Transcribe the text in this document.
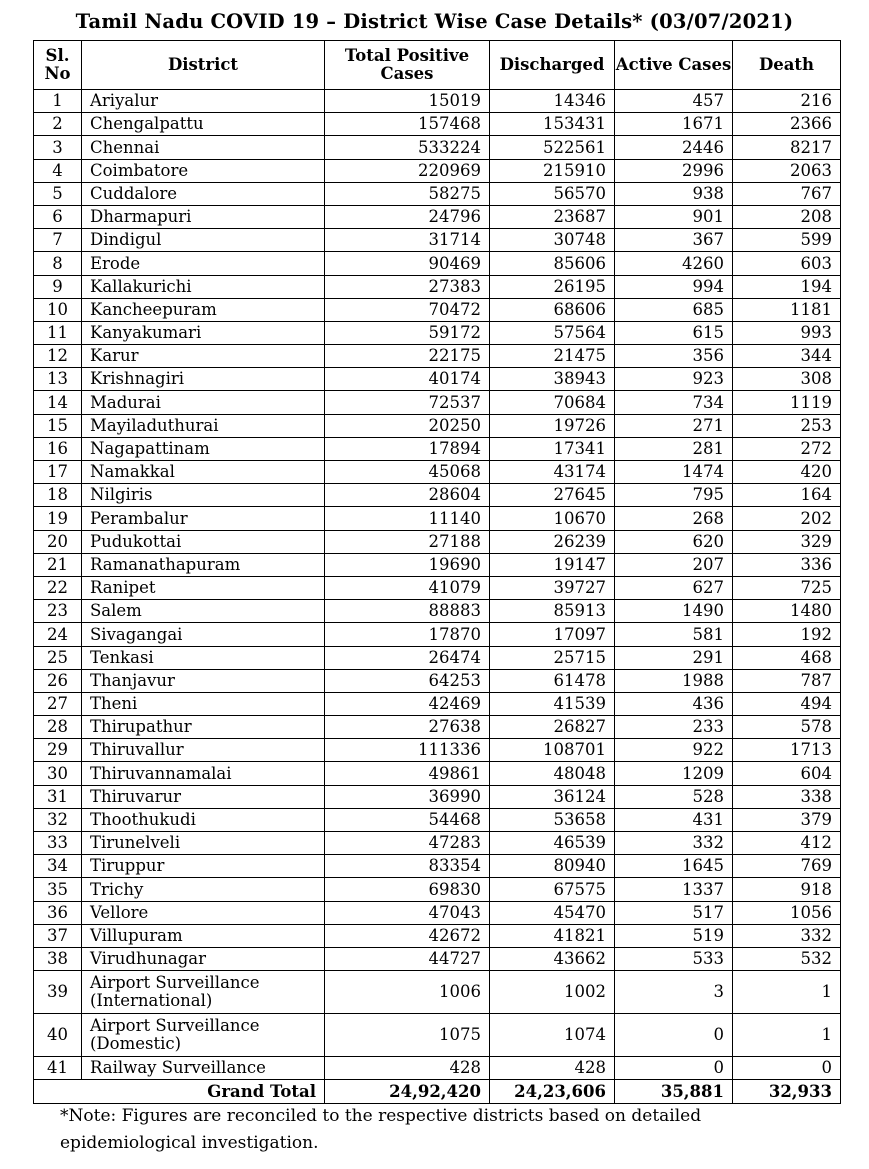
Tamil Nadu COVID 19 – District Wise Case Details* (03/07/2021)
Sl. No	District	Total Positive Cases	Discharged	Active Cases	Death
1	Ariyalur	15019	14346	457	216
2	Chengalpattu	157468	153431	1671	2366
3	Chennai	533224	522561	2446	8217
4	Coimbatore	220969	215910	2996	2063
5	Cuddalore	58275	56570	938	767
6	Dharmapuri	24796	23687	901	208
7	Dindigul	31714	30748	367	599
8	Erode	90469	85606	4260	603
9	Kallakurichi	27383	26195	994	194
10	Kancheepuram	70472	68606	685	1181
11	Kanyakumari	59172	57564	615	993
12	Karur	22175	21475	356	344
13	Krishnagiri	40174	38943	923	308
14	Madurai	72537	70684	734	1119
15	Mayiladuthurai	20250	19726	271	253
16	Nagapattinam	17894	17341	281	272
17	Namakkal	45068	43174	1474	420
18	Nilgiris	28604	27645	795	164
19	Perambalur	11140	10670	268	202
20	Pudukottai	27188	26239	620	329
21	Ramanathapuram	19690	19147	207	336
22	Ranipet	41079	39727	627	725
23	Salem	88883	85913	1490	1480
24	Sivagangai	17870	17097	581	192
25	Tenkasi	26474	25715	291	468
26	Thanjavur	64253	61478	1988	787
27	Theni	42469	41539	436	494
28	Thirupathur	27638	26827	233	578
29	Thiruvallur	111336	108701	922	1713
30	Thiruvannamalai	49861	48048	1209	604
31	Thiruvarur	36990	36124	528	338
32	Thoothukudi	54468	53658	431	379
33	Tirunelveli	47283	46539	332	412
34	Tiruppur	83354	80940	1645	769
35	Trichy	69830	67575	1337	918
36	Vellore	47043	45470	517	1056
37	Villupuram	42672	41821	519	332
38	Virudhunagar	44727	43662	533	532
39	Airport Surveillance (International)	1006	1002	3	1
40	Airport Surveillance (Domestic)	1075	1074	0	1
41	Railway Surveillance	428	428	0	0
Grand Total		24,92,420	24,23,606	35,881	32,933

*Note: Figures are reconciled to the respective districts based on detailed epidemiological investigation.
